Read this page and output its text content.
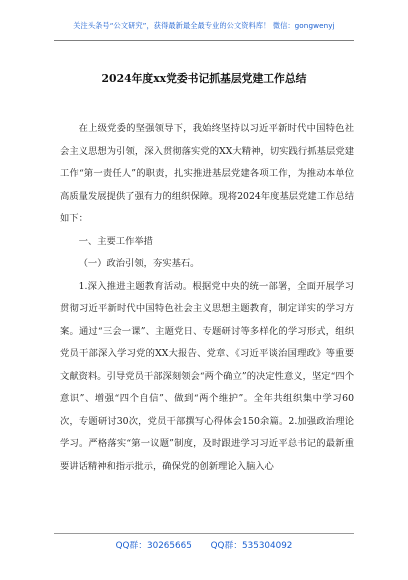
关注头条号“公文研究”，获得最新最全最专业的公文资料库！ 微信：gongwenyj
2024年度xx党委书记抓基层党建工作总结

在上级党委的坚强领导下，我始终坚持以习近平新时代中国特色社会主义思想为引领，深入贯彻落实党的XX大精神，切实践行抓基层党建工作“第一责任人”的职责，扎实推进基层党建各项工作，为推动本单位高质量发展提供了强有力的组织保障。现将2024年度基层党建工作总结如下：

一、主要工作举措

（一）政治引领，夯实基石。

1.深入推进主题教育活动。根据党中央的统一部署，全面开展学习贯彻习近平新时代中国特色社会主义思想主题教育，制定详实的学习方案。通过“三会一课”、主题党日、专题研讨等多样化的学习形式，组织党员干部深入学习党的XX大报告、党章、《习近平谈治国理政》等重要文献资料。引导党员干部深刻领会“两个确立”的决定性意义，坚定“四个意识”、增强“四个自信”、做到“两个维护”。全年共组织集中学习60次，专题研讨30次，党员干部撰写心得体会150余篇。2.加强政治理论学习。严格落实“第一议题”制度，及时跟进学习习近平总书记的最新重要讲话精神和指示批示，确保党的创新理论入脑入心

QQ群：30265665 QQ群：535304092
